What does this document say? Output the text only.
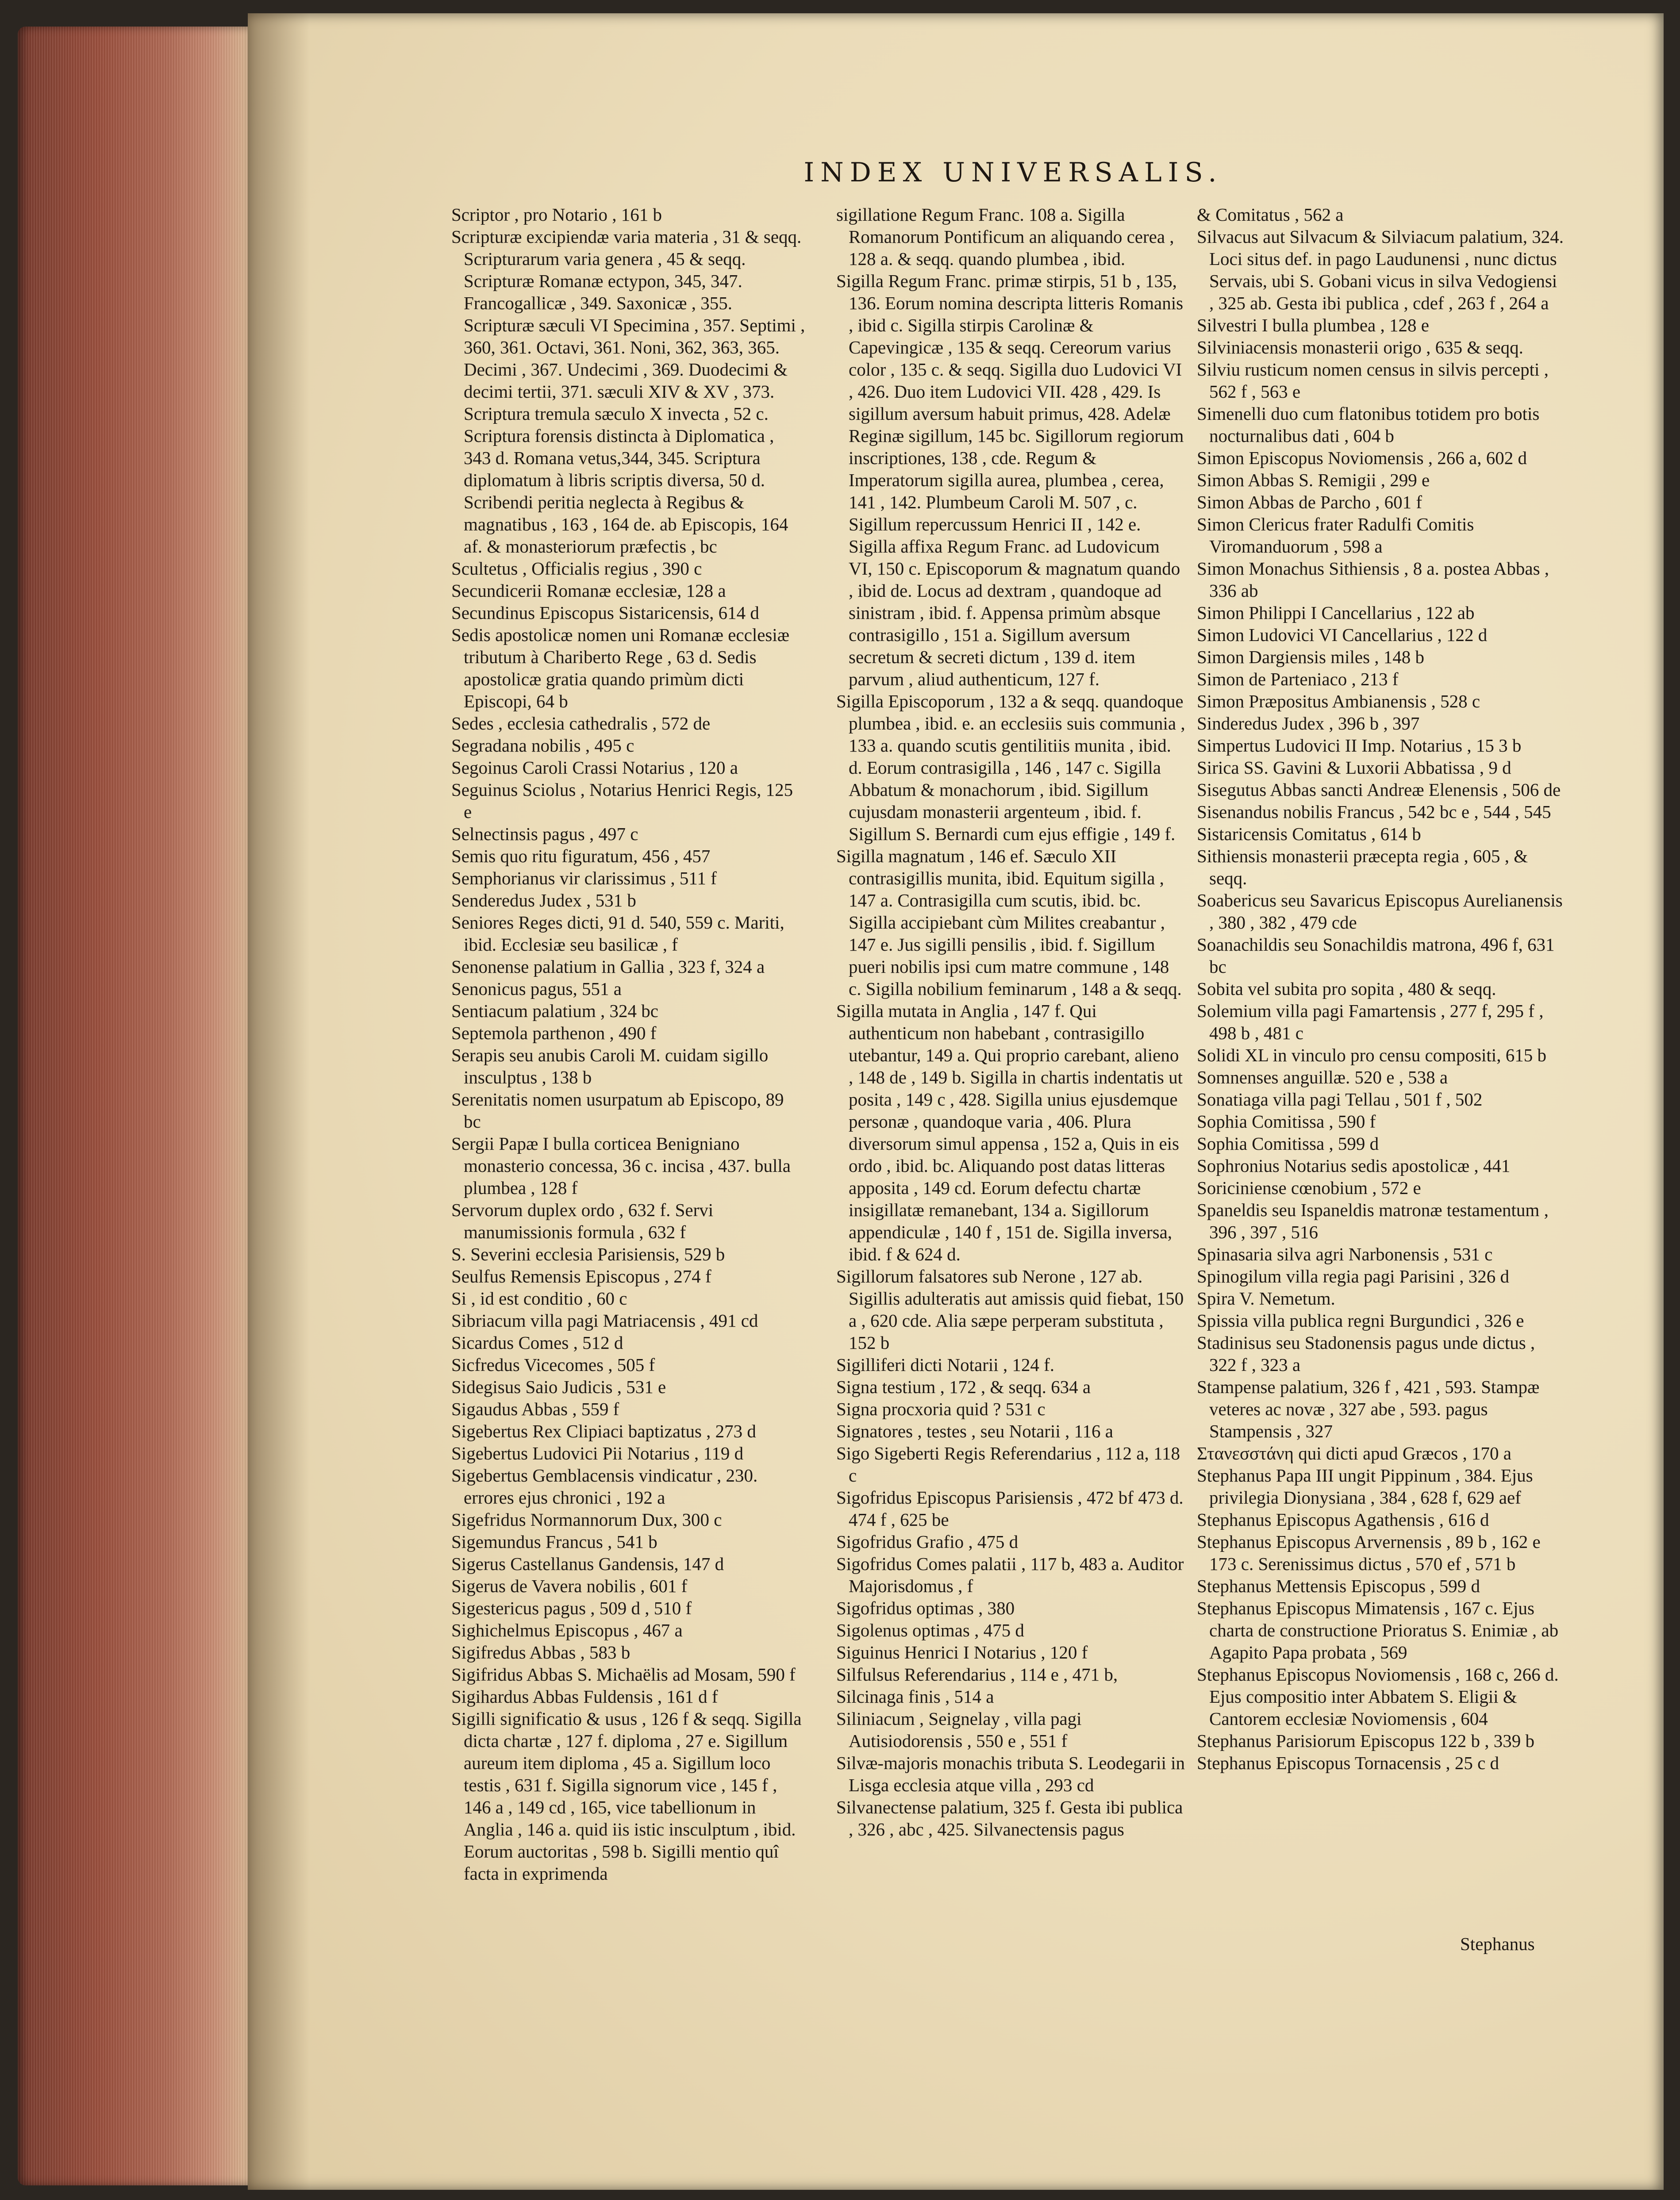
INDEX UNIVERSALIS.
Scriptor , pro Notario , 161 b
Scripturæ excipiendæ varia materia , 31 & seqq. Scripturarum varia genera , 45 & seqq. Scripturæ Romanæ ectypon, 345, 347. Francogallicæ , 349. Saxonicæ , 355. Scripturæ sæculi VI Specimina , 357. Septimi , 360, 361. Octavi, 361. Noni, 362, 363, 365. Decimi , 367. Undecimi , 369. Duodecimi & decimi tertii, 371. sæculi XIV & XV , 373. Scriptura tremula sæculo X invecta , 52 c. Scriptura forensis distincta à Diplomatica , 343 d. Romana vetus,344, 345. Scriptura diplomatum à libris scriptis diversa, 50 d. Scribendi peritia neglecta à Regibus & magnatibus , 163 , 164 de. ab Episcopis, 164 af. & monasteriorum præfectis , bc
Scultetus , Officialis regius , 390 c
Secundicerii Romanæ ecclesiæ, 128 a
Secundinus Episcopus Sistaricensis, 614 d
Sedis apostolicæ nomen uni Romanæ ecclesiæ tributum à Chariberto Rege , 63 d. Sedis apostolicæ gratia quando primùm dicti Episcopi, 64 b
Sedes , ecclesia cathedralis , 572 de
Segradana nobilis , 495 c
Segoinus Caroli Crassi Notarius , 120 a
Seguinus Sciolus , Notarius Henrici Regis, 125 e
Selnectinsis pagus , 497 c
Semis quo ritu figuratum, 456 , 457
Semphorianus vir clarissimus , 511 f
Senderedus Judex , 531 b
Seniores Reges dicti, 91 d. 540, 559 c. Mariti, ibid. Ecclesiæ seu basilicæ , f
Senonense palatium in Gallia , 323 f, 324 a
Senonicus pagus, 551 a
Sentiacum palatium , 324 bc
Septemola parthenon , 490 f
Serapis seu anubis Caroli M. cuidam sigillo insculptus , 138 b
Serenitatis nomen usurpatum ab Episcopo, 89 bc
Sergii Papæ I bulla corticea Benigniano monasterio concessa, 36 c. incisa , 437. bulla plumbea , 128 f
Servorum duplex ordo , 632 f. Servi manumissionis formula , 632 f
S. Severini ecclesia Parisiensis, 529 b
Seulfus Remensis Episcopus , 274 f
Si , id est conditio , 60 c
Sibriacum villa pagi Matriacensis , 491 cd
Sicardus Comes , 512 d
Sicfredus Vicecomes , 505 f
Sidegisus Saio Judicis , 531 e
Sigaudus Abbas , 559 f
Sigebertus Rex Clipiaci baptizatus , 273 d
Sigebertus Ludovici Pii Notarius , 119 d
Sigebertus Gemblacensis vindicatur , 230. errores ejus chronici , 192 a
Sigefridus Normannorum Dux, 300 c
Sigemundus Francus , 541 b
Sigerus Castellanus Gandensis, 147 d
Sigerus de Vavera nobilis , 601 f
Sigestericus pagus , 509 d , 510 f
Sighichelmus Episcopus , 467 a
Sigifredus Abbas , 583 b
Sigifridus Abbas S. Michaëlis ad Mosam, 590 f
Sigihardus Abbas Fuldensis , 161 d f
Sigilli significatio & usus , 126 f & seqq. Sigilla dicta chartæ , 127 f. diploma , 27 e. Sigillum aureum item diploma , 45 a. Sigillum loco testis , 631 f. Sigilla signorum vice , 145 f , 146 a , 149 cd , 165, vice tabellionum in Anglia , 146 a. quid iis istic insculptum , ibid. Eorum auctoritas , 598 b. Sigilli mentio quî facta in exprimenda
sigillatione Regum Franc. 108 a. Sigilla Romanorum Pontificum an aliquando cerea , 128 a. & seqq. quando plumbea , ibid.
Sigilla Regum Franc. primæ stirpis, 51 b , 135, 136. Eorum nomina descripta litteris Romanis , ibid c. Sigilla stirpis Carolinæ & Capevingicæ , 135 & seqq. Cereorum varius color , 135 c. & seqq. Sigilla duo Ludovici VI , 426. Duo item Ludovici VII. 428 , 429. Is sigillum aversum habuit primus, 428. Adelæ Reginæ sigillum, 145 bc. Sigillorum regiorum inscriptiones, 138 , cde. Regum & Imperatorum sigilla aurea, plumbea , cerea, 141 , 142. Plumbeum Caroli M. 507 , c. Sigillum repercussum Henrici II , 142 e. Sigilla affixa Regum Franc. ad Ludovicum VI, 150 c. Episcoporum & magnatum quando , ibid de. Locus ad dextram , quandoque ad sinistram , ibid. f. Appensa primùm absque contrasigillo , 151 a. Sigillum aversum secretum & secreti dictum , 139 d. item parvum , aliud authenticum, 127 f.
Sigilla Episcoporum , 132 a & seqq. quandoque plumbea , ibid. e. an ecclesiis suis communia , 133 a. quando scutis gentilitiis munita , ibid. d. Eorum contrasigilla , 146 , 147 c. Sigilla Abbatum & monachorum , ibid. Sigillum cujusdam monasterii argenteum , ibid. f. Sigillum S. Bernardi cum ejus effigie , 149 f.
Sigilla magnatum , 146 ef. Sæculo XII contrasigillis munita, ibid. Equitum sigilla , 147 a. Contrasigilla cum scutis, ibid. bc. Sigilla accipiebant cùm Milites creabantur , 147 e. Jus sigilli pensilis , ibid. f. Sigillum pueri nobilis ipsi cum matre commune , 148 c. Sigilla nobilium feminarum , 148 a & seqq.
Sigilla mutata in Anglia , 147 f. Qui authenticum non habebant , contrasigillo utebantur, 149 a. Qui proprio carebant, alieno , 148 de , 149 b. Sigilla in chartis indentatis ut posita , 149 c , 428. Sigilla unius ejusdemque personæ , quandoque varia , 406. Plura diversorum simul appensa , 152 a, Quis in eis ordo , ibid. bc. Aliquando post datas litteras apposita , 149 cd. Eorum defectu chartæ insigillatæ remanebant, 134 a. Sigillorum appendiculæ , 140 f , 151 de. Sigilla inversa, ibid. f & 624 d.
Sigillorum falsatores sub Nerone , 127 ab. Sigillis adulteratis aut amissis quid fiebat, 150 a , 620 cde. Alia sæpe perperam substituta , 152 b
Sigilliferi dicti Notarii , 124 f.
Signa testium , 172 , & seqq. 634 a
Signa procxoria quid ? 531 c
Signatores , testes , seu Notarii , 116 a
Sigo Sigeberti Regis Referendarius , 112 a, 118 c
Sigofridus Episcopus Parisiensis , 472 bf 473 d. 474 f , 625 be
Sigofridus Grafio , 475 d
Sigofridus Comes palatii , 117 b, 483 a. Auditor Majorisdomus , f
Sigofridus optimas , 380
Sigolenus optimas , 475 d
Siguinus Henrici I Notarius , 120 f
Silfulsus Referendarius , 114 e , 471 b,
Silcinaga finis , 514 a
Siliniacum , Seignelay , villa pagi Autisiodorensis , 550 e , 551 f
Silvæ-majoris monachis tributa S. Leodegarii in Lisga ecclesia atque villa , 293 cd
Silvanectense palatium, 325 f. Gesta ibi publica , 326 , abc , 425. Silvanectensis pagus
& Comitatus , 562 a
Silvacus aut Silvacum & Silviacum palatium, 324. Loci situs def. in pago Laudunensi , nunc dictus Servais, ubi S. Gobani vicus in silva Vedogiensi , 325 ab. Gesta ibi publica , cdef , 263 f , 264 a
Silvestri I bulla plumbea , 128 e
Silviniacensis monasterii origo , 635 & seqq.
Silviu rusticum nomen census in silvis percepti , 562 f , 563 e
Simenelli duo cum flatonibus totidem pro botis nocturnalibus dati , 604 b
Simon Episcopus Noviomensis , 266 a, 602 d
Simon Abbas S. Remigii , 299 e
Simon Abbas de Parcho , 601 f
Simon Clericus frater Radulfi Comitis Viromanduorum , 598 a
Simon Monachus Sithiensis , 8 a. postea Abbas , 336 ab
Simon Philippi I Cancellarius , 122 ab
Simon Ludovici VI Cancellarius , 122 d
Simon Dargiensis miles , 148 b
Simon de Parteniaco , 213 f
Simon Præpositus Ambianensis , 528 c
Sinderedus Judex , 396 b , 397
Simpertus Ludovici II Imp. Notarius , 15 3 b
Sirica SS. Gavini & Luxorii Abbatissa , 9 d
Sisegutus Abbas sancti Andreæ Elenensis , 506 de
Sisenandus nobilis Francus , 542 bc e , 544 , 545
Sistaricensis Comitatus , 614 b
Sithiensis monasterii præcepta regia , 605 , & seqq.
Soabericus seu Savaricus Episcopus Aurelianensis , 380 , 382 , 479 cde
Soanachildis seu Sonachildis matrona, 496 f, 631 bc
Sobita vel subita pro sopita , 480 & seqq.
Solemium villa pagi Famartensis , 277 f, 295 f , 498 b , 481 c
Solidi XL in vinculo pro censu compositi, 615 b
Somnenses anguillæ. 520 e , 538 a
Sonatiaga villa pagi Tellau , 501 f , 502
Sophia Comitissa , 590 f
Sophia Comitissa , 599 d
Sophronius Notarius sedis apostolicæ , 441
Soriciniense cœnobium , 572 e
Spaneldis seu Ispaneldis matronæ testamentum , 396 , 397 , 516
Spinasaria silva agri Narbonensis , 531 c
Spinogilum villa regia pagi Parisini , 326 d
Spira V. Nemetum.
Spissia villa publica regni Burgundici , 326 e
Stadinisus seu Stadonensis pagus unde dictus , 322 f , 323 a
Stampense palatium, 326 f , 421 , 593. Stampæ veteres ac novæ , 327 abe , 593. pagus Stampensis , 327
Στανεσστάνη qui dicti apud Græcos , 170 a
Stephanus Papa III ungit Pippinum , 384. Ejus privilegia Dionysiana , 384 , 628 f, 629 aef
Stephanus Episcopus Agathensis , 616 d
Stephanus Episcopus Arvernensis , 89 b , 162 e 173 c. Serenissimus dictus , 570 ef , 571 b
Stephanus Mettensis Episcopus , 599 d
Stephanus Episcopus Mimatensis , 167 c. Ejus charta de constructione Prioratus S. Enimiæ , ab Agapito Papa probata , 569
Stephanus Episcopus Noviomensis , 168 c, 266 d. Ejus compositio inter Abbatem S. Eligii & Cantorem ecclesiæ Noviomensis , 604
Stephanus Parisiorum Episcopus 122 b , 339 b
Stephanus Episcopus Tornacensis , 25 c d
Stephanus
